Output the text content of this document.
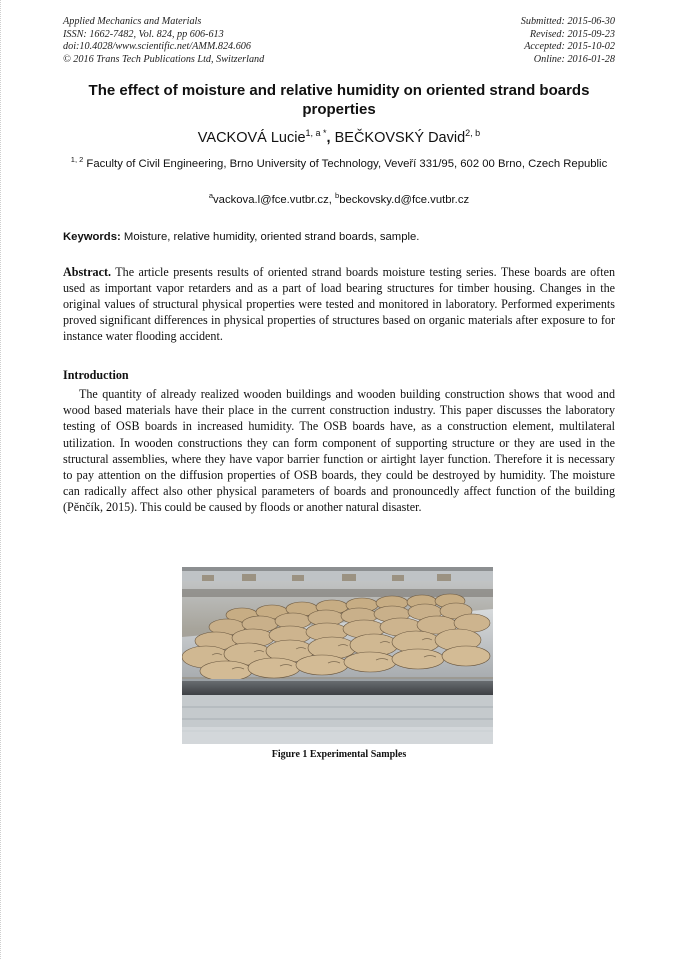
Applied Mechanics and Materials
ISSN: 1662-7482, Vol. 824, pp 606-613
doi:10.4028/www.scientific.net/AMM.824.606
© 2016 Trans Tech Publications Ltd, Switzerland
Submitted: 2015-06-30
Revised: 2015-09-23
Accepted: 2015-10-02
Online: 2016-01-28
The effect of moisture and relative humidity on oriented strand boards properties
VACKOVÁ Lucie$^{1, a *}$, BEČKOVSKÝ David$^{2, b}$
$^{1, 2}$ Faculty of Civil Engineering, Brno University of Technology, Veveří 331/95, 602 00 Brno, Czech Republic
$^a$vackova.l@fce.vutbr.cz, $^b$beckovsky.d@fce.vutbr.cz
Keywords: Moisture, relative humidity, oriented strand boards, sample.
Abstract. The article presents results of oriented strand boards moisture testing series. These boards are often used as important vapor retarders and as a part of load bearing structures for timber housing. Changes in the original values of structural physical properties were tested and monitored in laboratory. Performed experiments proved significant differences in physical properties of structures based on organic materials after exposure to for instance water flooding accident.
Introduction
The quantity of already realized wooden buildings and wooden building construction shows that wood and wood based materials have their place in the current construction industry. This paper discusses the laboratory testing of OSB boards in increased humidity. The OSB boards have, as a construction element, multilateral utilization. In wooden constructions they can form component of supporting structure or they are used in the structural assemblies, where they have vapor barrier function or airtight layer function. Therefore it is necessary to pay attention on the diffusion properties of OSB boards, they could be destroyed by humidity. The moisture can radically affect also other physical parameters of boards and pronouncedly affect function of the building (Pěnčík, 2015). This could be caused by floods or another natural disaster.
Figure 1 Experimental Samples
